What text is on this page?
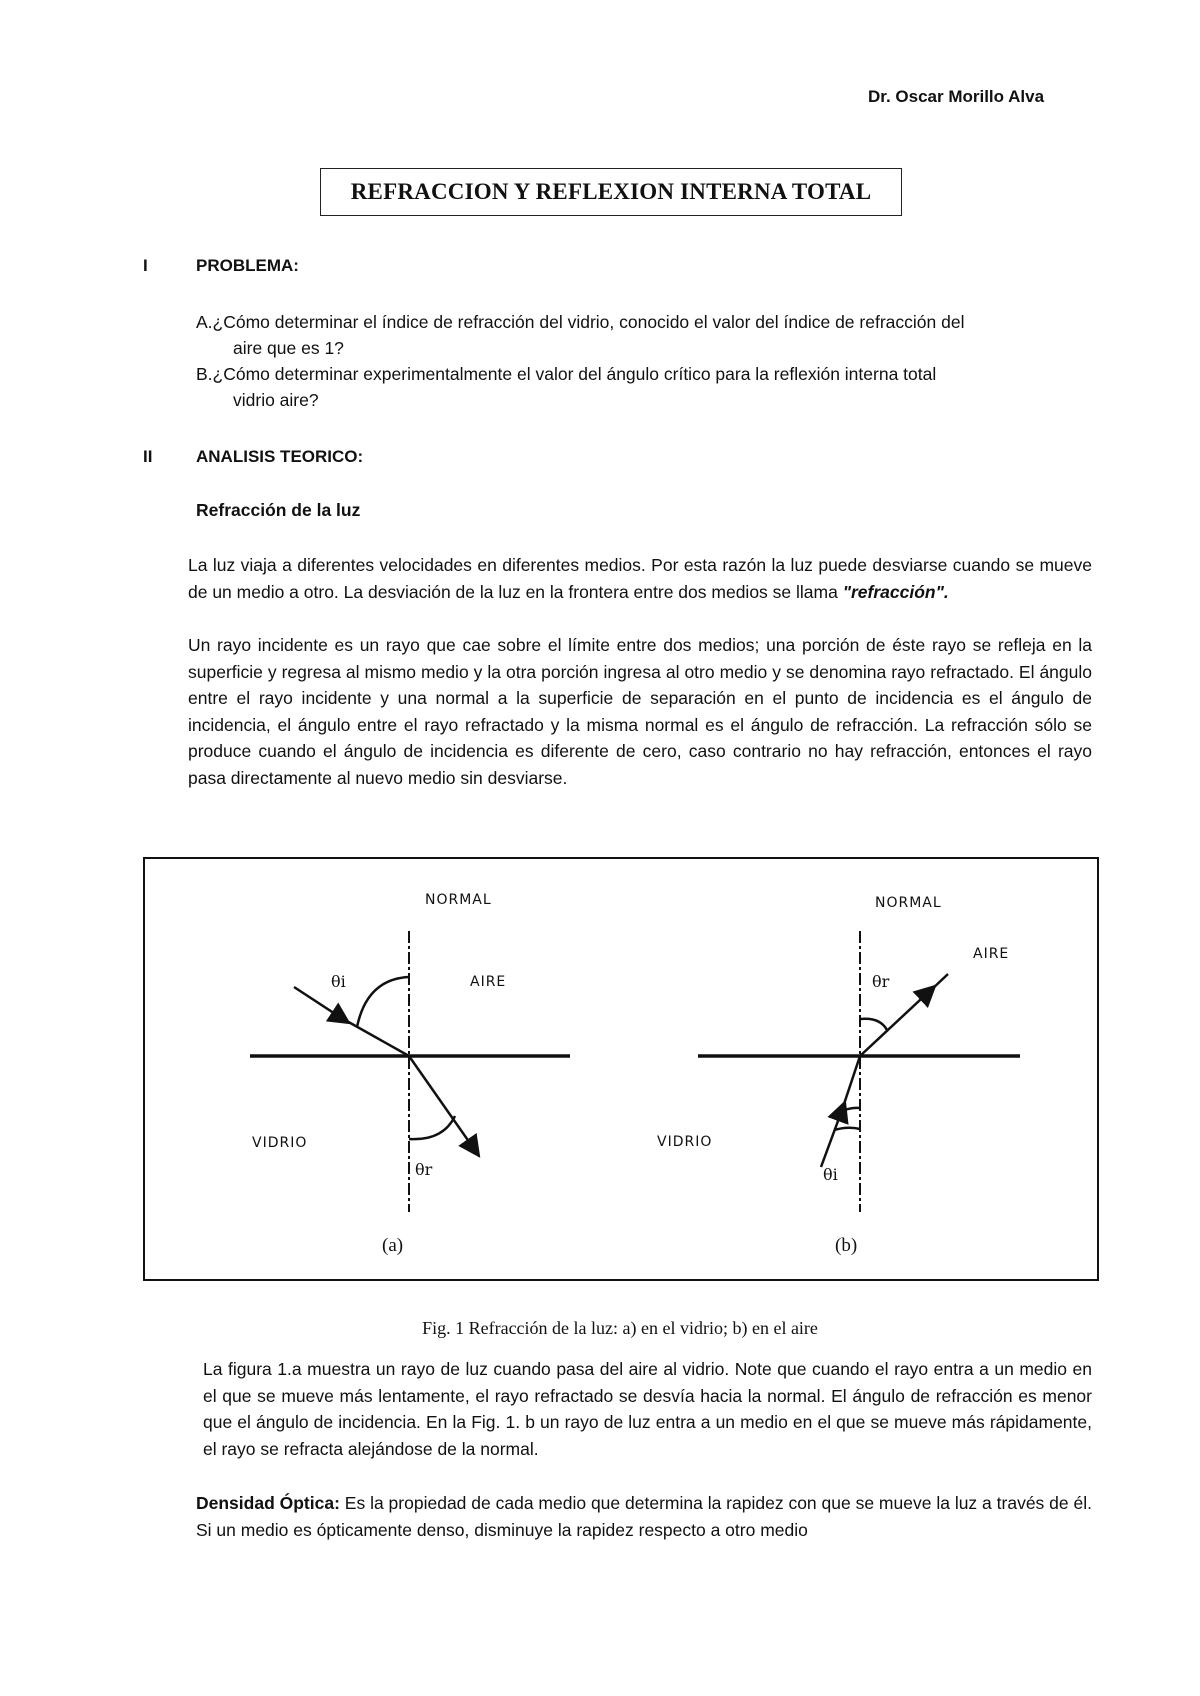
Dr. Oscar Morillo Alva
REFRACCION Y REFLEXION INTERNA TOTAL
I	PROBLEMA:
A.¿Cómo determinar el índice de refracción del vidrio, conocido el valor del índice de refracción del
aire que es 1?
B.¿Cómo determinar experimentalmente el valor del ángulo crítico para la reflexión interna total
vidrio aire?
II	ANALISIS TEORICO:
Refracción de la luz
La luz viaja a diferentes velocidades en diferentes medios. Por esta razón la luz puede desviarse cuando se mueve de un medio a otro. La desviación de la luz en la frontera entre dos medios se llama "refracción".
Un rayo incidente es un rayo que cae sobre el límite entre dos medios; una porción de éste rayo se refleja en la superficie y regresa al mismo medio y la otra porción ingresa al otro medio y se denomina rayo refractado. El ángulo entre el rayo incidente y una normal a la superficie de separación en el punto de incidencia es el ángulo de incidencia, el ángulo entre el rayo refractado y la misma normal es el ángulo de refracción. La refracción sólo se produce cuando el ángulo de incidencia es diferente de cero, caso contrario no hay refracción, entonces el rayo pasa directamente al nuevo medio sin desviarse.
NORMAL
AIRE
VIDRIO
θi
θr
(a)
NORMAL
AIRE
VIDRIO
θr
θi
(b)
Fig. 1 Refracción de la luz: a) en el vidrio; b) en el aire
La figura 1.a muestra un rayo de luz cuando pasa del aire al vidrio. Note que cuando el rayo entra a un medio en el que se mueve más lentamente, el rayo refractado se desvía hacia la normal. El ángulo de refracción es menor que el ángulo de incidencia. En la Fig. 1. b un rayo de luz entra a un medio en el que se mueve más rápidamente, el rayo se refracta alejándose de la normal.
Densidad Óptica: Es la propiedad de cada medio que determina la rapidez con que se mueve la luz a través de él. Si un medio es ópticamente denso, disminuye la rapidez respecto a otro medio
